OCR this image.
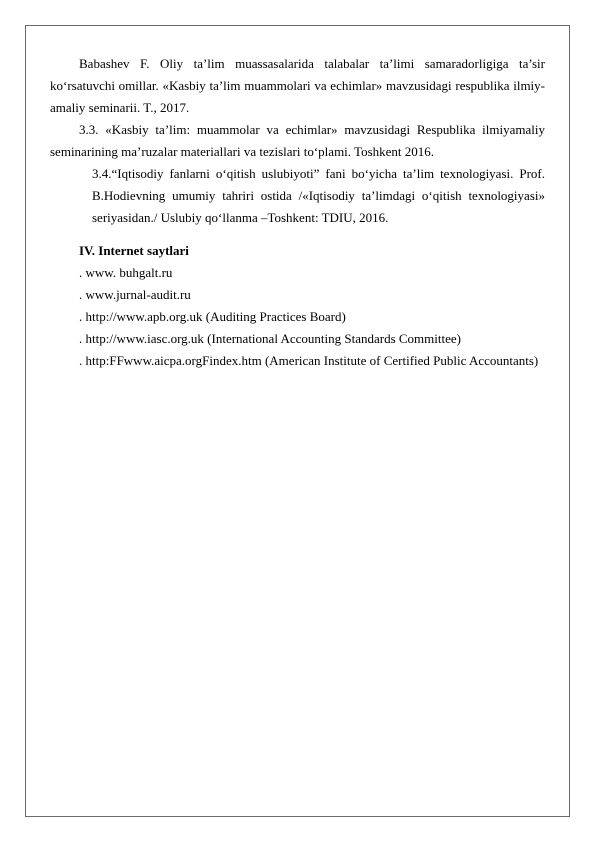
Babashev F. Oliy ta’lim muassasalarida talabalar ta’limi samaradorligiga ta’sir ko‘rsatuvchi omillar. «Kasbiy ta’lim muammolari va echimlar» mavzusidagi respublika ilmiy-amaliy seminarii. T., 2017.

3.3. «Kasbiy ta’lim: muammolar va echimlar» mavzusidagi Respublika ilmiyamaliy seminarining ma’ruzalar materiallari va tezislari to‘plami. Toshkent 2016.

3.4.“Iqtisodiy fanlarni o‘qitish uslubiyoti” fani bo‘yicha ta’lim texnologiyasi. Prof. B.Hodievning umumiy tahriri ostida /«Iqtisodiy ta’limdagi o‘qitish texnologiyasi» seriyasidan./ Uslubiy qo‘llanma –Toshkent: TDIU, 2016.

IV. Internet saytlari

. www. buhgalt.ru

. www.jurnal-audit.ru

. http://www.apb.org.uk (Auditing Practices Board)

. http://www.iasc.org.uk (International Accounting Standards Committee)

. http:FFwww.aicpa.orgFindex.htm (American Institute of Certified Public Accountants)
